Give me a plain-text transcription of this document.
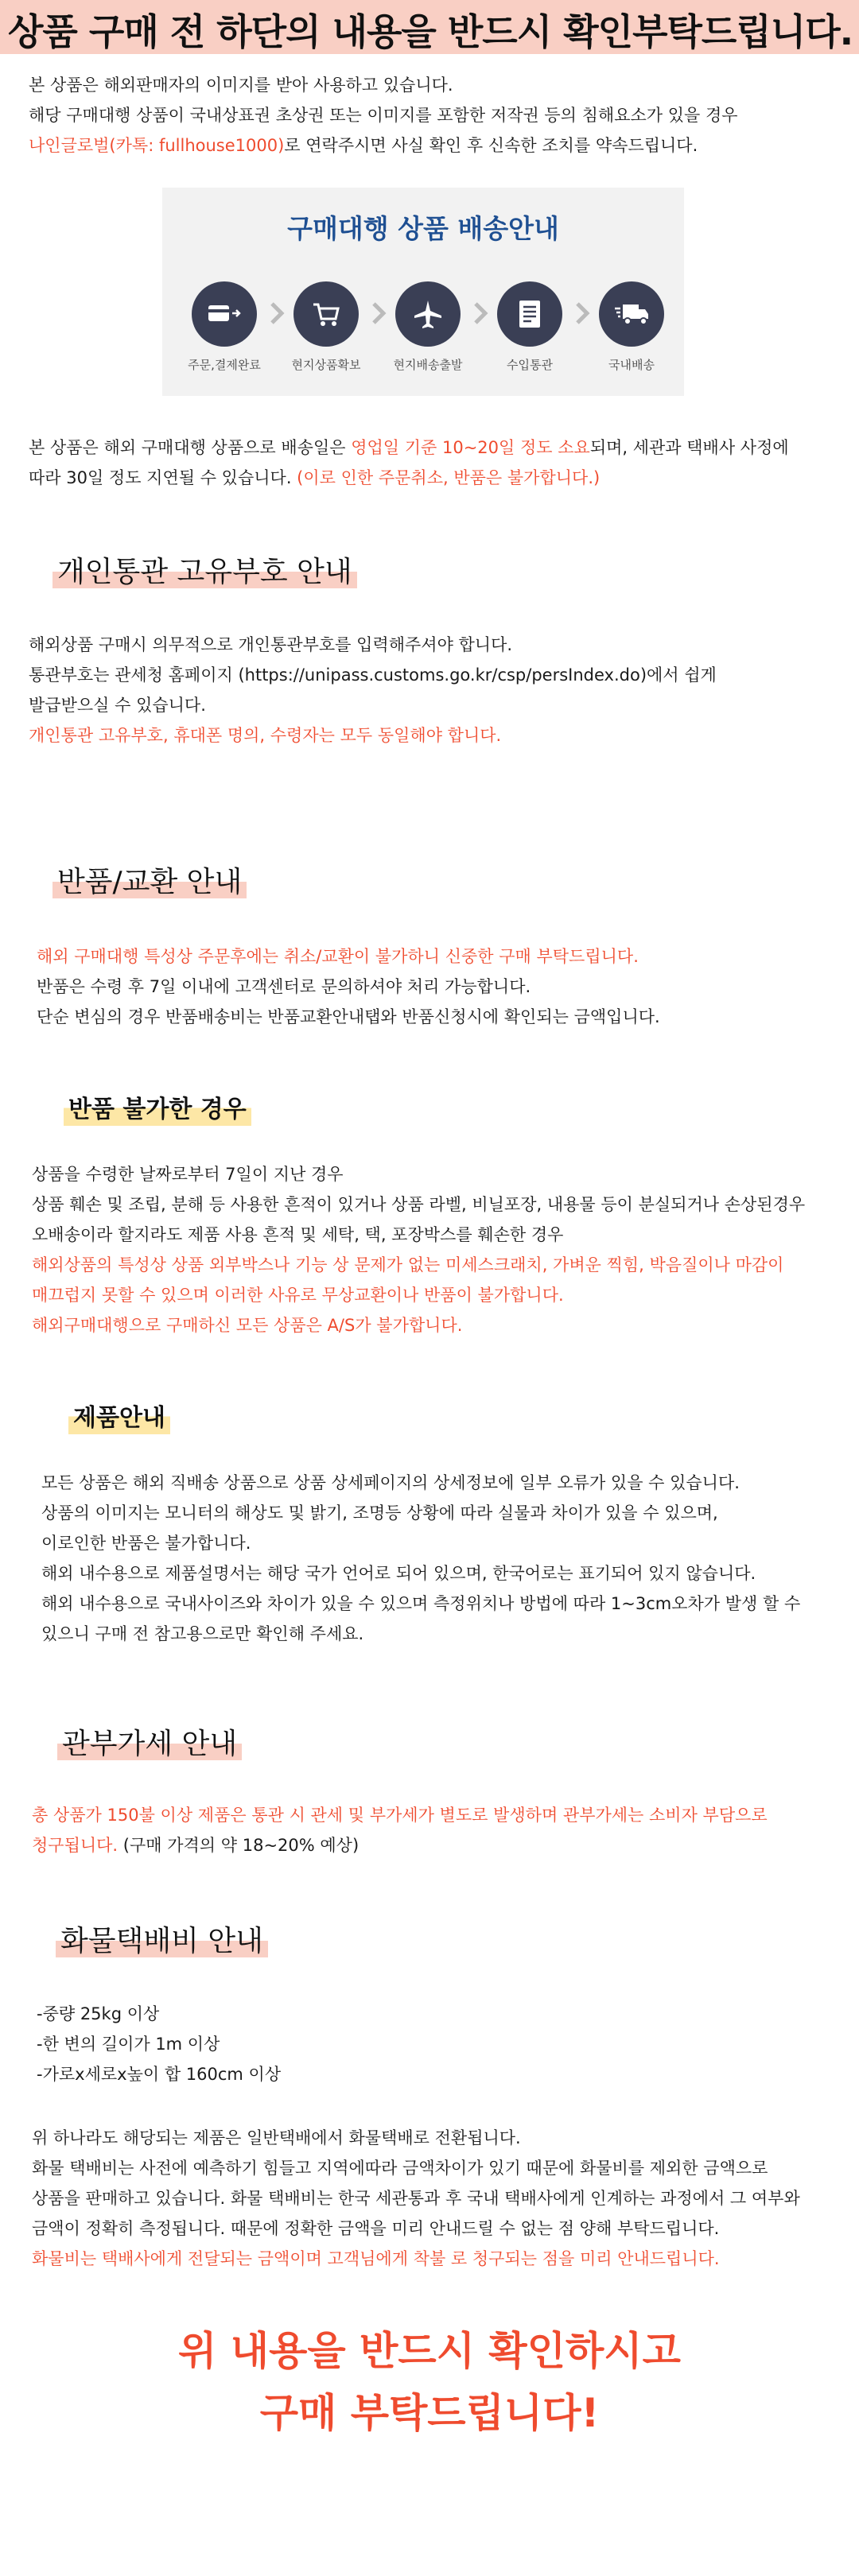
상품 구매 전 하단의 내용을 반드시 확인부탁드립니다.
본 상품은 해외판매자의 이미지를 받아 사용하고 있습니다.
해당 구매대행 상품이 국내상표권 초상권 또는 이미지를 포함한 저작권 등의 침해요소가 있을 경우
나인글로벌(카톡: fullhouse1000)로 연락주시면 사실 확인 후 신속한 조치를 약속드립니다.
구매대행 상품 배송안내
주문,결제완료	현지상품확보	현지배송출발	수입통관	국내배송
본 상품은 해외 구매대행 상품으로 배송일은 영업일 기준 10~20일 정도 소요되며, 세관과 택배사 사정에
따라 30일 정도 지연될 수 있습니다. (이로 인한 주문취소, 반품은 불가합니다.)
개인통관 고유부호 안내
해외상품 구매시 의무적으로 개인통관부호를 입력해주셔야 합니다.
통관부호는 관세청 홈페이지 (https://unipass.customs.go.kr/csp/persIndex.do)에서 쉽게
발급받으실 수 있습니다.
개인통관 고유부호, 휴대폰 명의, 수령자는 모두 동일해야 합니다.
반품/교환 안내
해외 구매대행 특성상 주문후에는 취소/교환이 불가하니 신중한 구매 부탁드립니다.
반품은 수령 후 7일 이내에 고객센터로 문의하셔야 처리 가능합니다.
단순 변심의 경우 반품배송비는 반품교환안내탭와 반품신청시에 확인되는 금액입니다.
반품 불가한 경우
상품을 수령한 날짜로부터 7일이 지난 경우
상품 훼손 및 조립, 분해 등 사용한 흔적이 있거나 상품 라벨, 비닐포장, 내용물 등이 분실되거나 손상된경우
오배송이라 할지라도 제품 사용 흔적 및 세탁, 택, 포장박스를 훼손한 경우
해외상품의 특성상 상품 외부박스나 기능 상 문제가 없는 미세스크래치, 가벼운 찍힘, 박음질이나 마감이
매끄럽지 못할 수 있으며 이러한 사유로 무상교환이나 반품이 불가합니다.
해외구매대행으로 구매하신 모든 상품은 A/S가 불가합니다.
제품안내
모든 상품은 해외 직배송 상품으로 상품 상세페이지의 상세정보에 일부 오류가 있을 수 있습니다.
상품의 이미지는 모니터의 해상도 및 밝기, 조명등 상황에 따라 실물과 차이가 있을 수 있으며,
이로인한 반품은 불가합니다.
해외 내수용으로 제품설명서는 해당 국가 언어로 되어 있으며, 한국어로는 표기되어 있지 않습니다.
해외 내수용으로 국내사이즈와 차이가 있을 수 있으며 측정위치나 방법에 따라 1~3cm오차가 발생 할 수
있으니 구매 전 참고용으로만 확인해 주세요.
관부가세 안내
총 상품가 150불 이상 제품은 통관 시 관세 및 부가세가 별도로 발생하며 관부가세는 소비자 부담으로
청구됩니다. (구매 가격의 약 18~20% 예상)
화물택배비 안내
-중량 25kg 이상
-한 변의 길이가 1m 이상
-가로x세로x높이 합 160cm 이상
위 하나라도 해당되는 제품은 일반택배에서 화물택배로 전환됩니다.
화물 택배비는 사전에 예측하기 힘들고 지역에따라 금액차이가 있기 때문에 화물비를 제외한 금액으로
상품을 판매하고 있습니다. 화물 택배비는 한국 세관통과 후 국내 택배사에게 인계하는 과정에서 그 여부와
금액이 정확히 측정됩니다. 때문에 정확한 금액을 미리 안내드릴 수 없는 점 양해 부탁드립니다.
화물비는 택배사에게 전달되는 금액이며 고객님에게 착불 로 청구되는 점을 미리 안내드립니다.
위 내용을 반드시 확인하시고
구매 부탁드립니다!
